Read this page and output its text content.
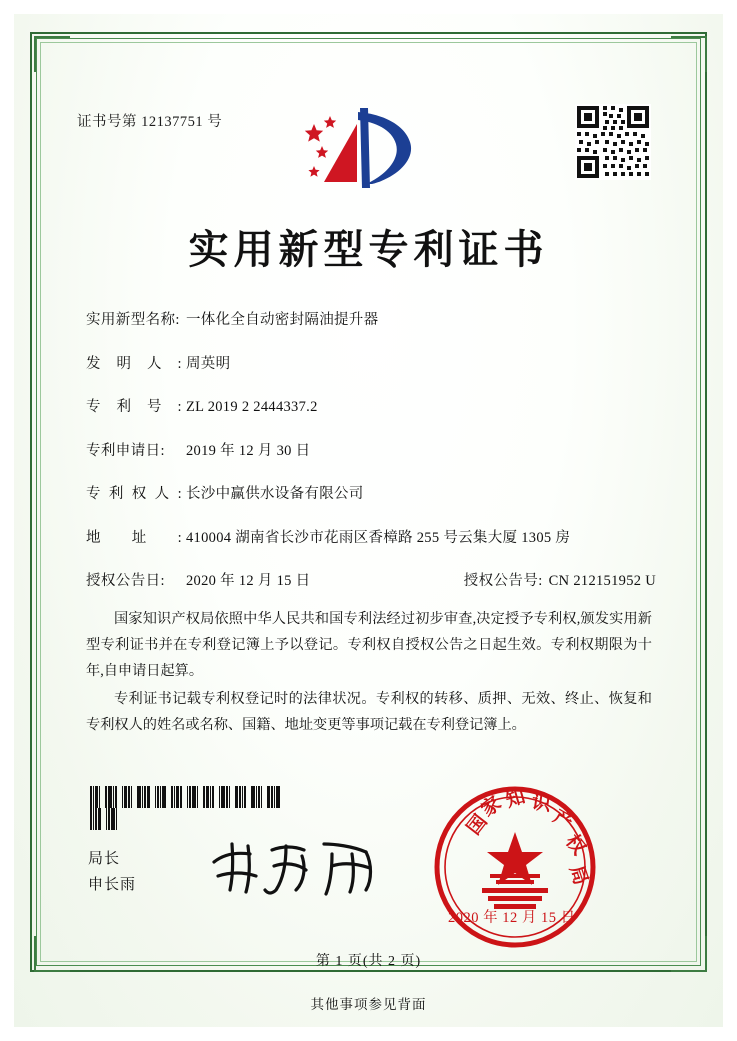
证书号第 12137751 号
实用新型专利证书
实用新型名称: 一体化全自动密封隔油提升器
发明人: 周英明
专利号: ZL 2019 2 2444337.2
专利申请日:	2019 年 12 月 30 日
专利权人: 长沙中赢供水设备有限公司
地址: 410004 湖南省长沙市花雨区香樟路 255 号云集大厦 1305 房
授权公告日:	2020 年 12 月 15 日	授权公告号: CN 212151952 U

国家知识产权局依照中华人民共和国专利法经过初步审查,决定授予专利权,颁发实用新型专利证书并在专利登记簿上予以登记。专利权自授权公告之日起生效。专利权期限为十年,自申请日起算。

专利证书记载专利权登记时的法律状况。专利权的转移、质押、无效、终止、恢复和专利权人的姓名或名称、国籍、地址变更等事项记载在专利登记簿上。

局长
申长雨
国
家
知 识
产
权
局
2020 年 12 月 15 日
第 1 页(共 2 页)
其他事项参见背面
